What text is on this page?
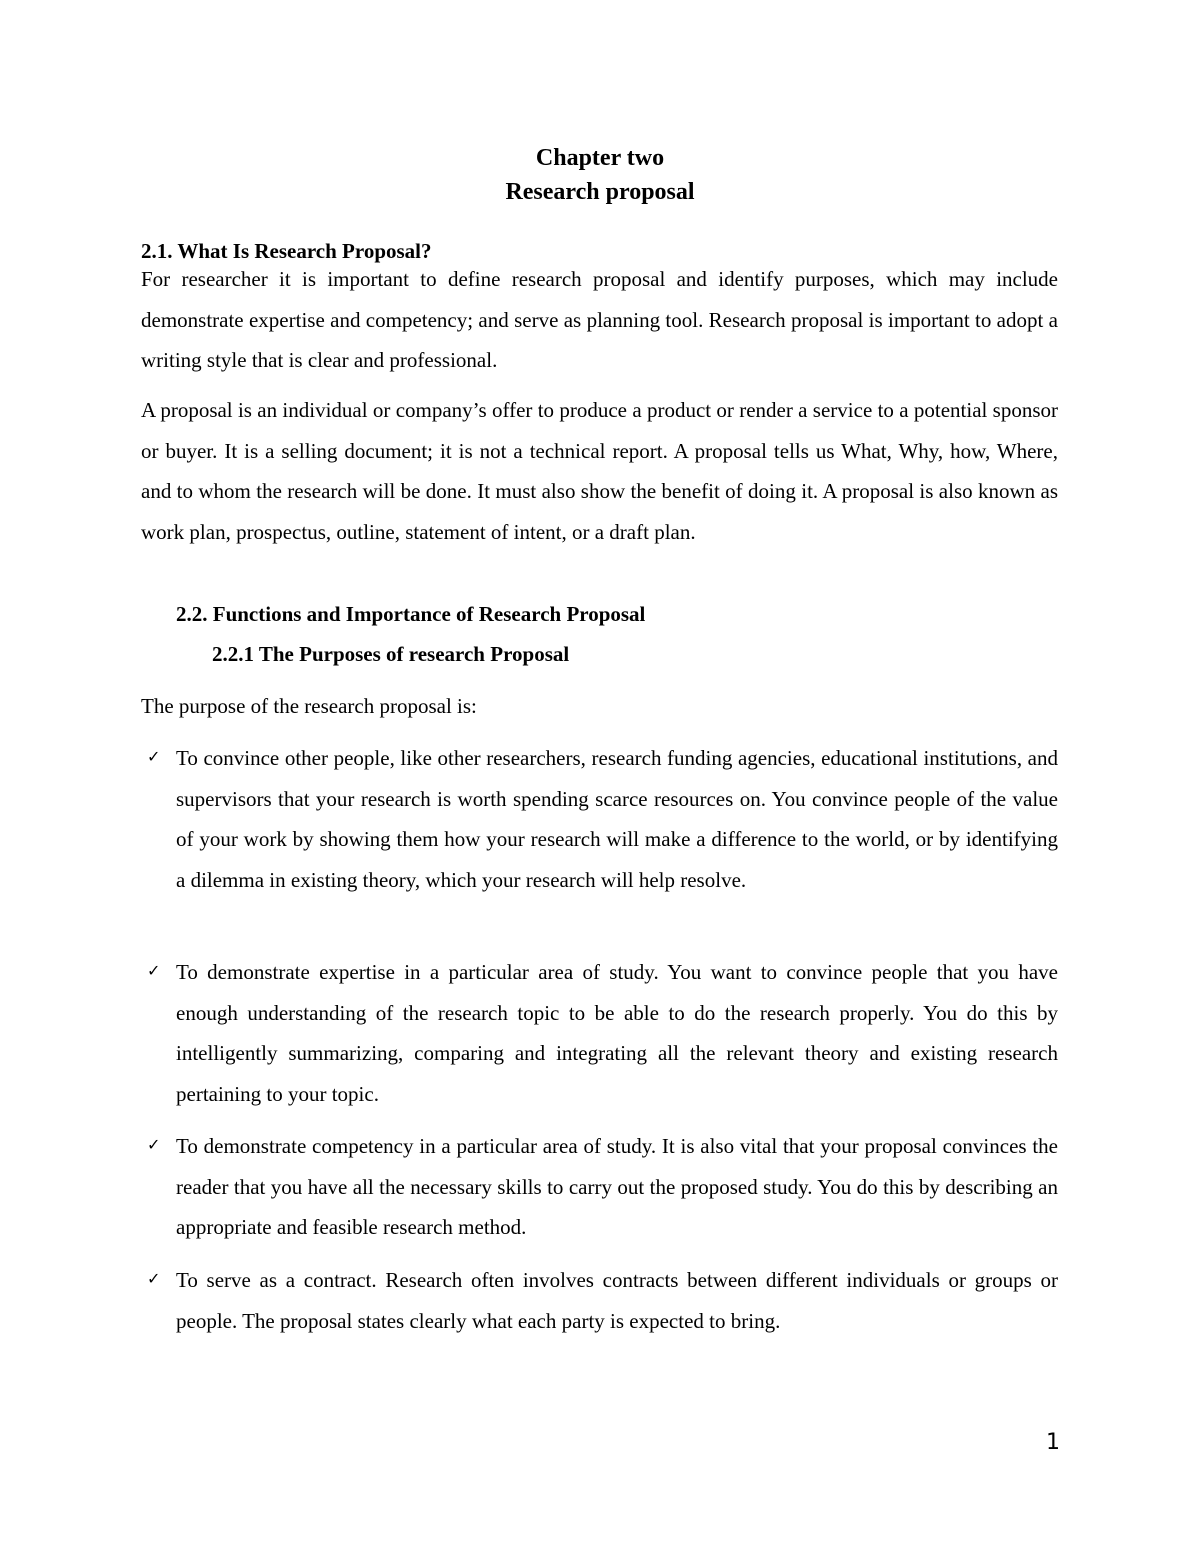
Chapter two
Research proposal
2.1. What Is Research Proposal?
For researcher it is important to define research proposal and identify purposes, which may include demonstrate expertise and competency; and serve as planning tool. Research proposal is important to adopt a writing style that is clear and professional.
A proposal is an individual or company’s offer to produce a product or render a service to a potential sponsor or buyer. It is a selling document; it is not a technical report. A proposal tells us What, Why, how, Where, and to whom the research will be done. It must also show the benefit of doing it. A proposal is also known as work plan, prospectus, outline, statement of intent, or a draft plan.
2.2. Functions and Importance of Research Proposal
2.2.1 The Purposes of research Proposal
The purpose of the research proposal is:
✓ To convince other people, like other researchers, research funding agencies, educational institutions, and supervisors that your research is worth spending scarce resources on. You convince people of the value of your work by showing them how your research will make a difference to the world, or by identifying a dilemma in existing theory, which your research will help resolve.
✓ To demonstrate expertise in a particular area of study. You want to convince people that you have enough understanding of the research topic to be able to do the research properly. You do this by intelligently summarizing, comparing and integrating all the relevant theory and existing research pertaining to your topic.
✓ To demonstrate competency in a particular area of study. It is also vital that your proposal convinces the reader that you have all the necessary skills to carry out the proposed study. You do this by describing an appropriate and feasible research method.
✓ To serve as a contract. Research often involves contracts between different individuals or groups or people. The proposal states clearly what each party is expected to bring.
1
